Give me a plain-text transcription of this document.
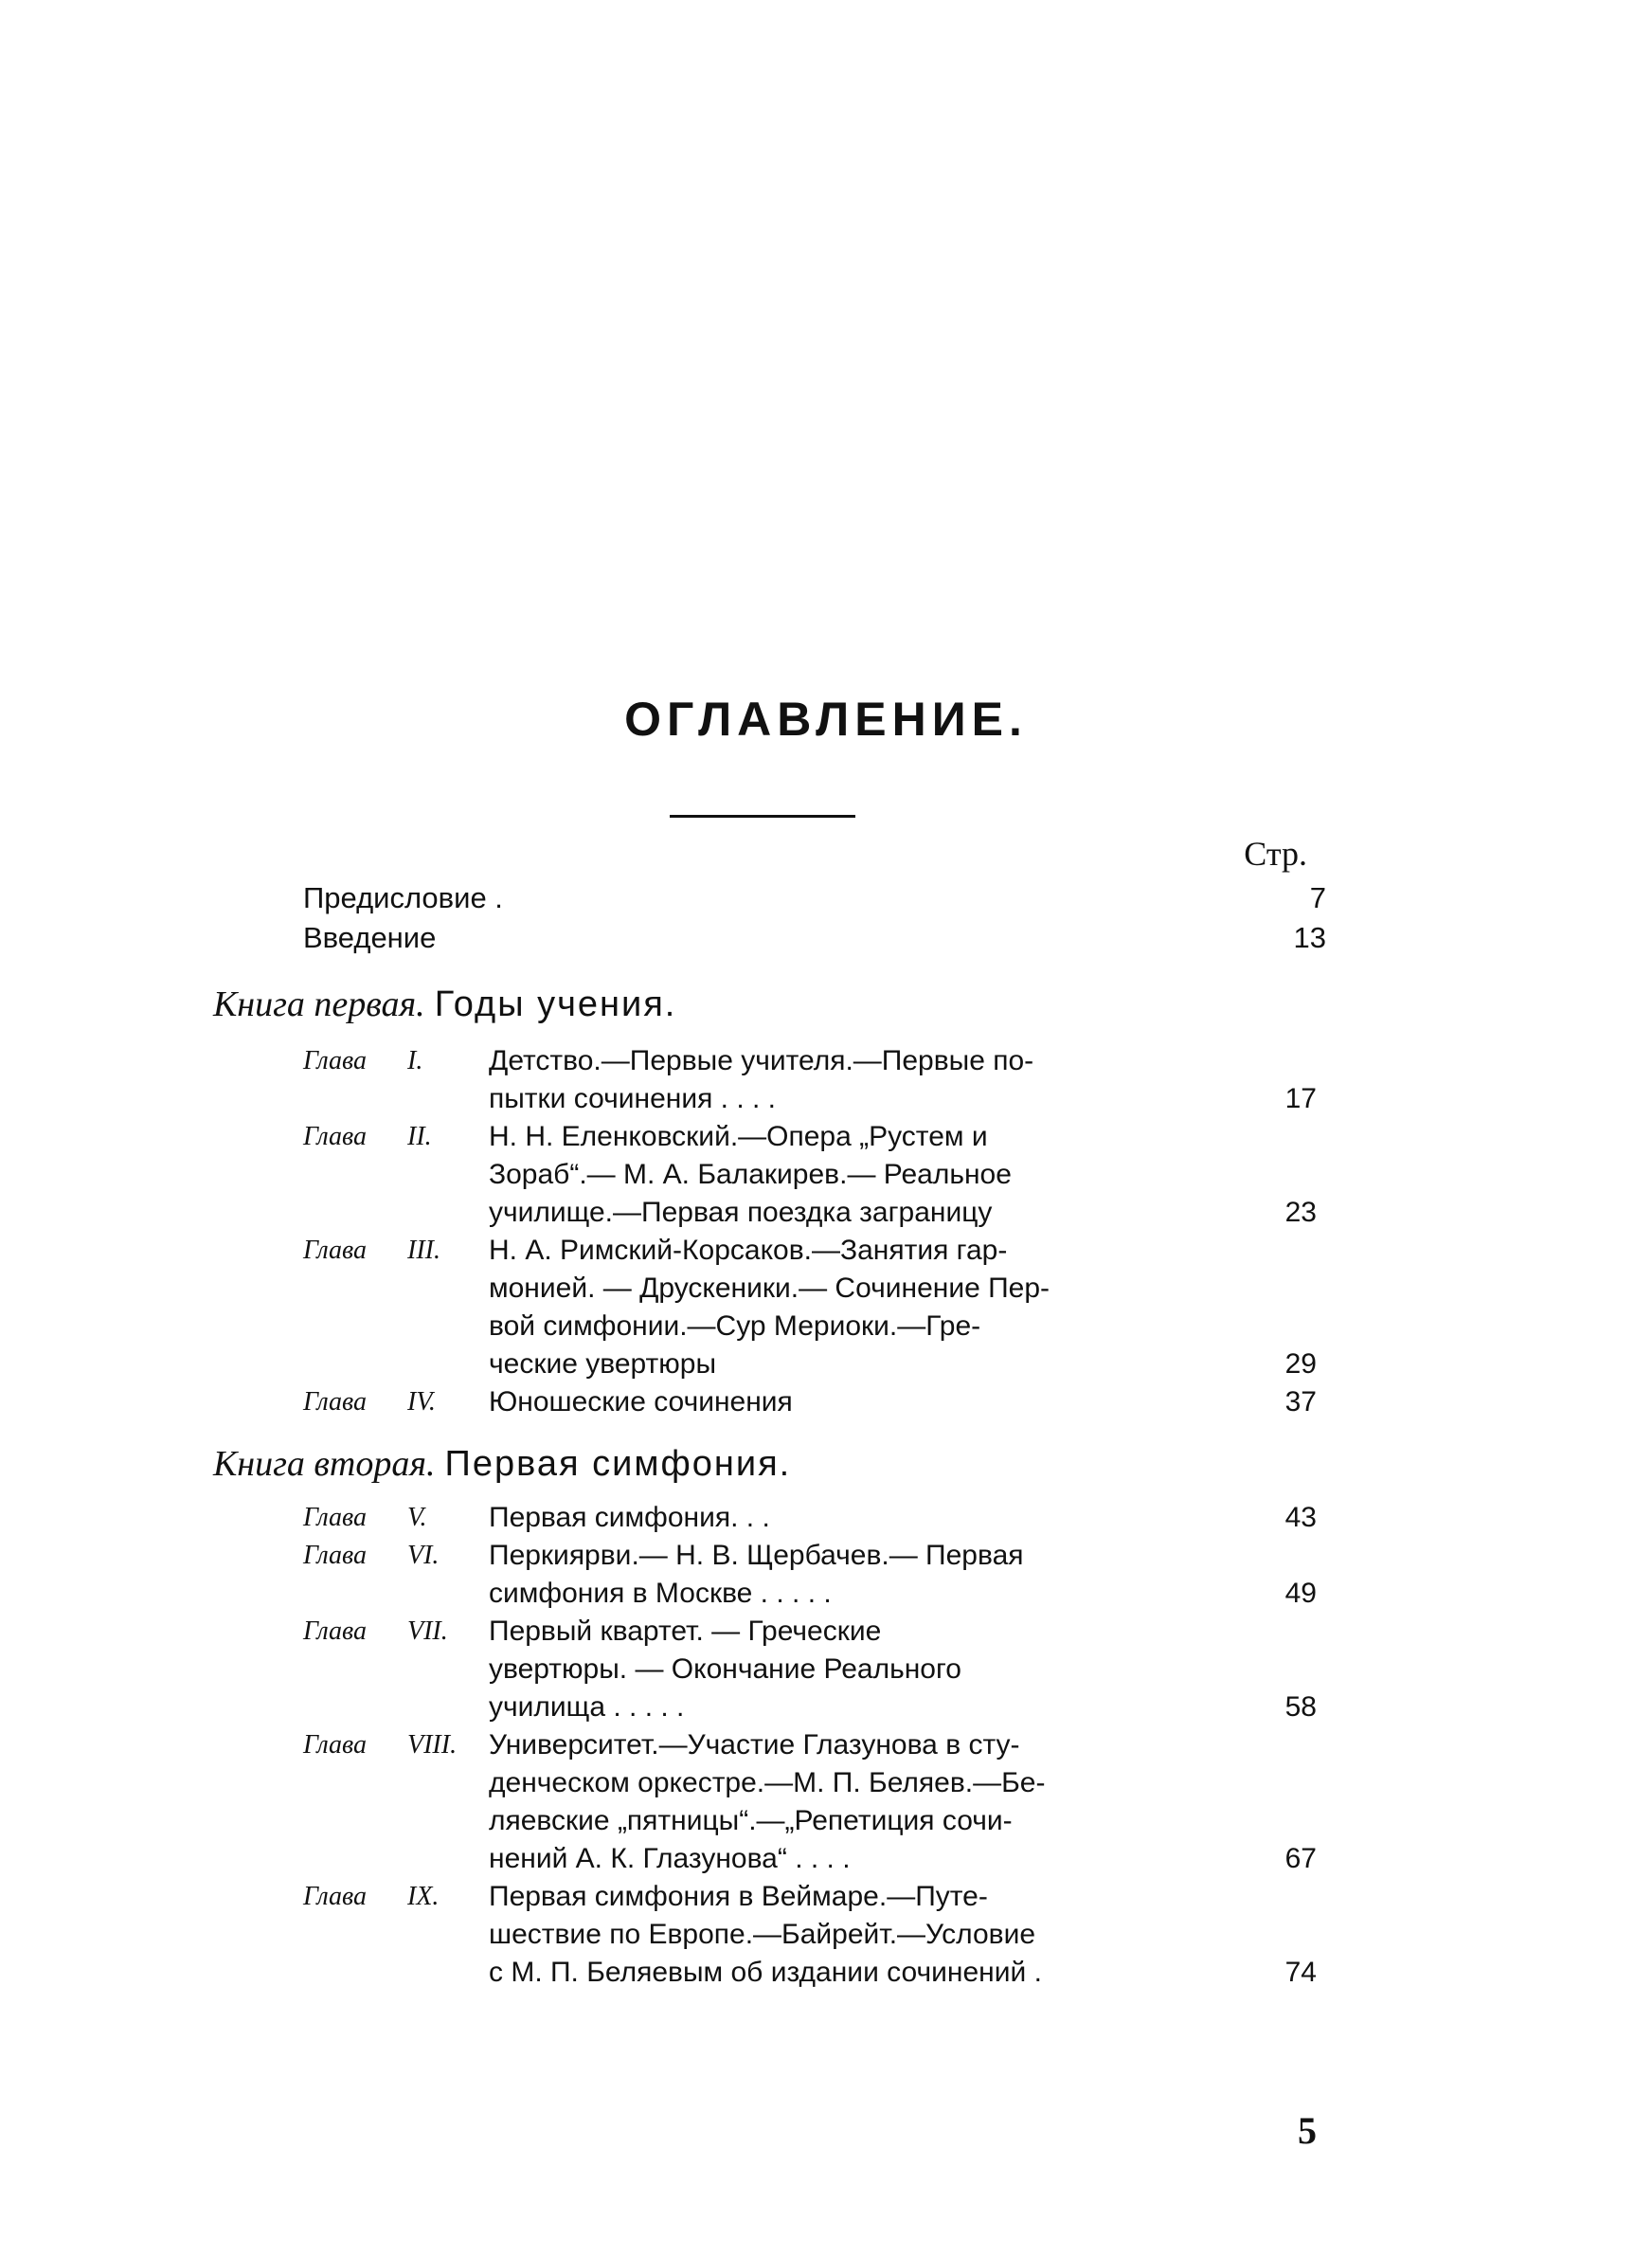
ОГЛАВЛЕНИЕ.
Стр.
Предисловие .	7
Введение	13
Книга первая. Годы учения.
Глава I. Детство.—Первые учителя.—Первые по-
пытки сочинения . . . .	17
Глава II. Н. Н. Еленковский.—Опера „Рустем и
Зораб“.— М. А. Балакирев.— Реальное
училище.—Первая поездка заграницу	23
Глава III. Н. А. Римский-Корсаков.—Занятия гар-
монией. — Друскеники.— Сочинение Пер-
вой симфонии.—Сур Мериоки.—Гре-
ческие увертюры	29
Глава IV. Юношеские сочинения	37
Книга вторая. Первая симфония.
Глава V. Первая симфония. . .	43
Глава VI. Перкиярви.— Н. В. Щербачев.— Первая
симфония в Москве . . . . .	49
Глава VII. Первый квартет. — Греческие
увертюры. — Окончание Реального
училища . . . . .	58
Глава VIII. Университет.—Участие Глазунова в сту-
денческом оркестре.—М. П. Беляев.—Бе-
ляевские „пятницы“.—„Репетиция сочи-
нений А. К. Глазунова“ . . . .	67
Глава IX. Первая симфония в Веймаре.—Путе-
шествие по Европе.—Байрейт.—Условие
с М. П. Беляевым об издании сочинений .	74
5
